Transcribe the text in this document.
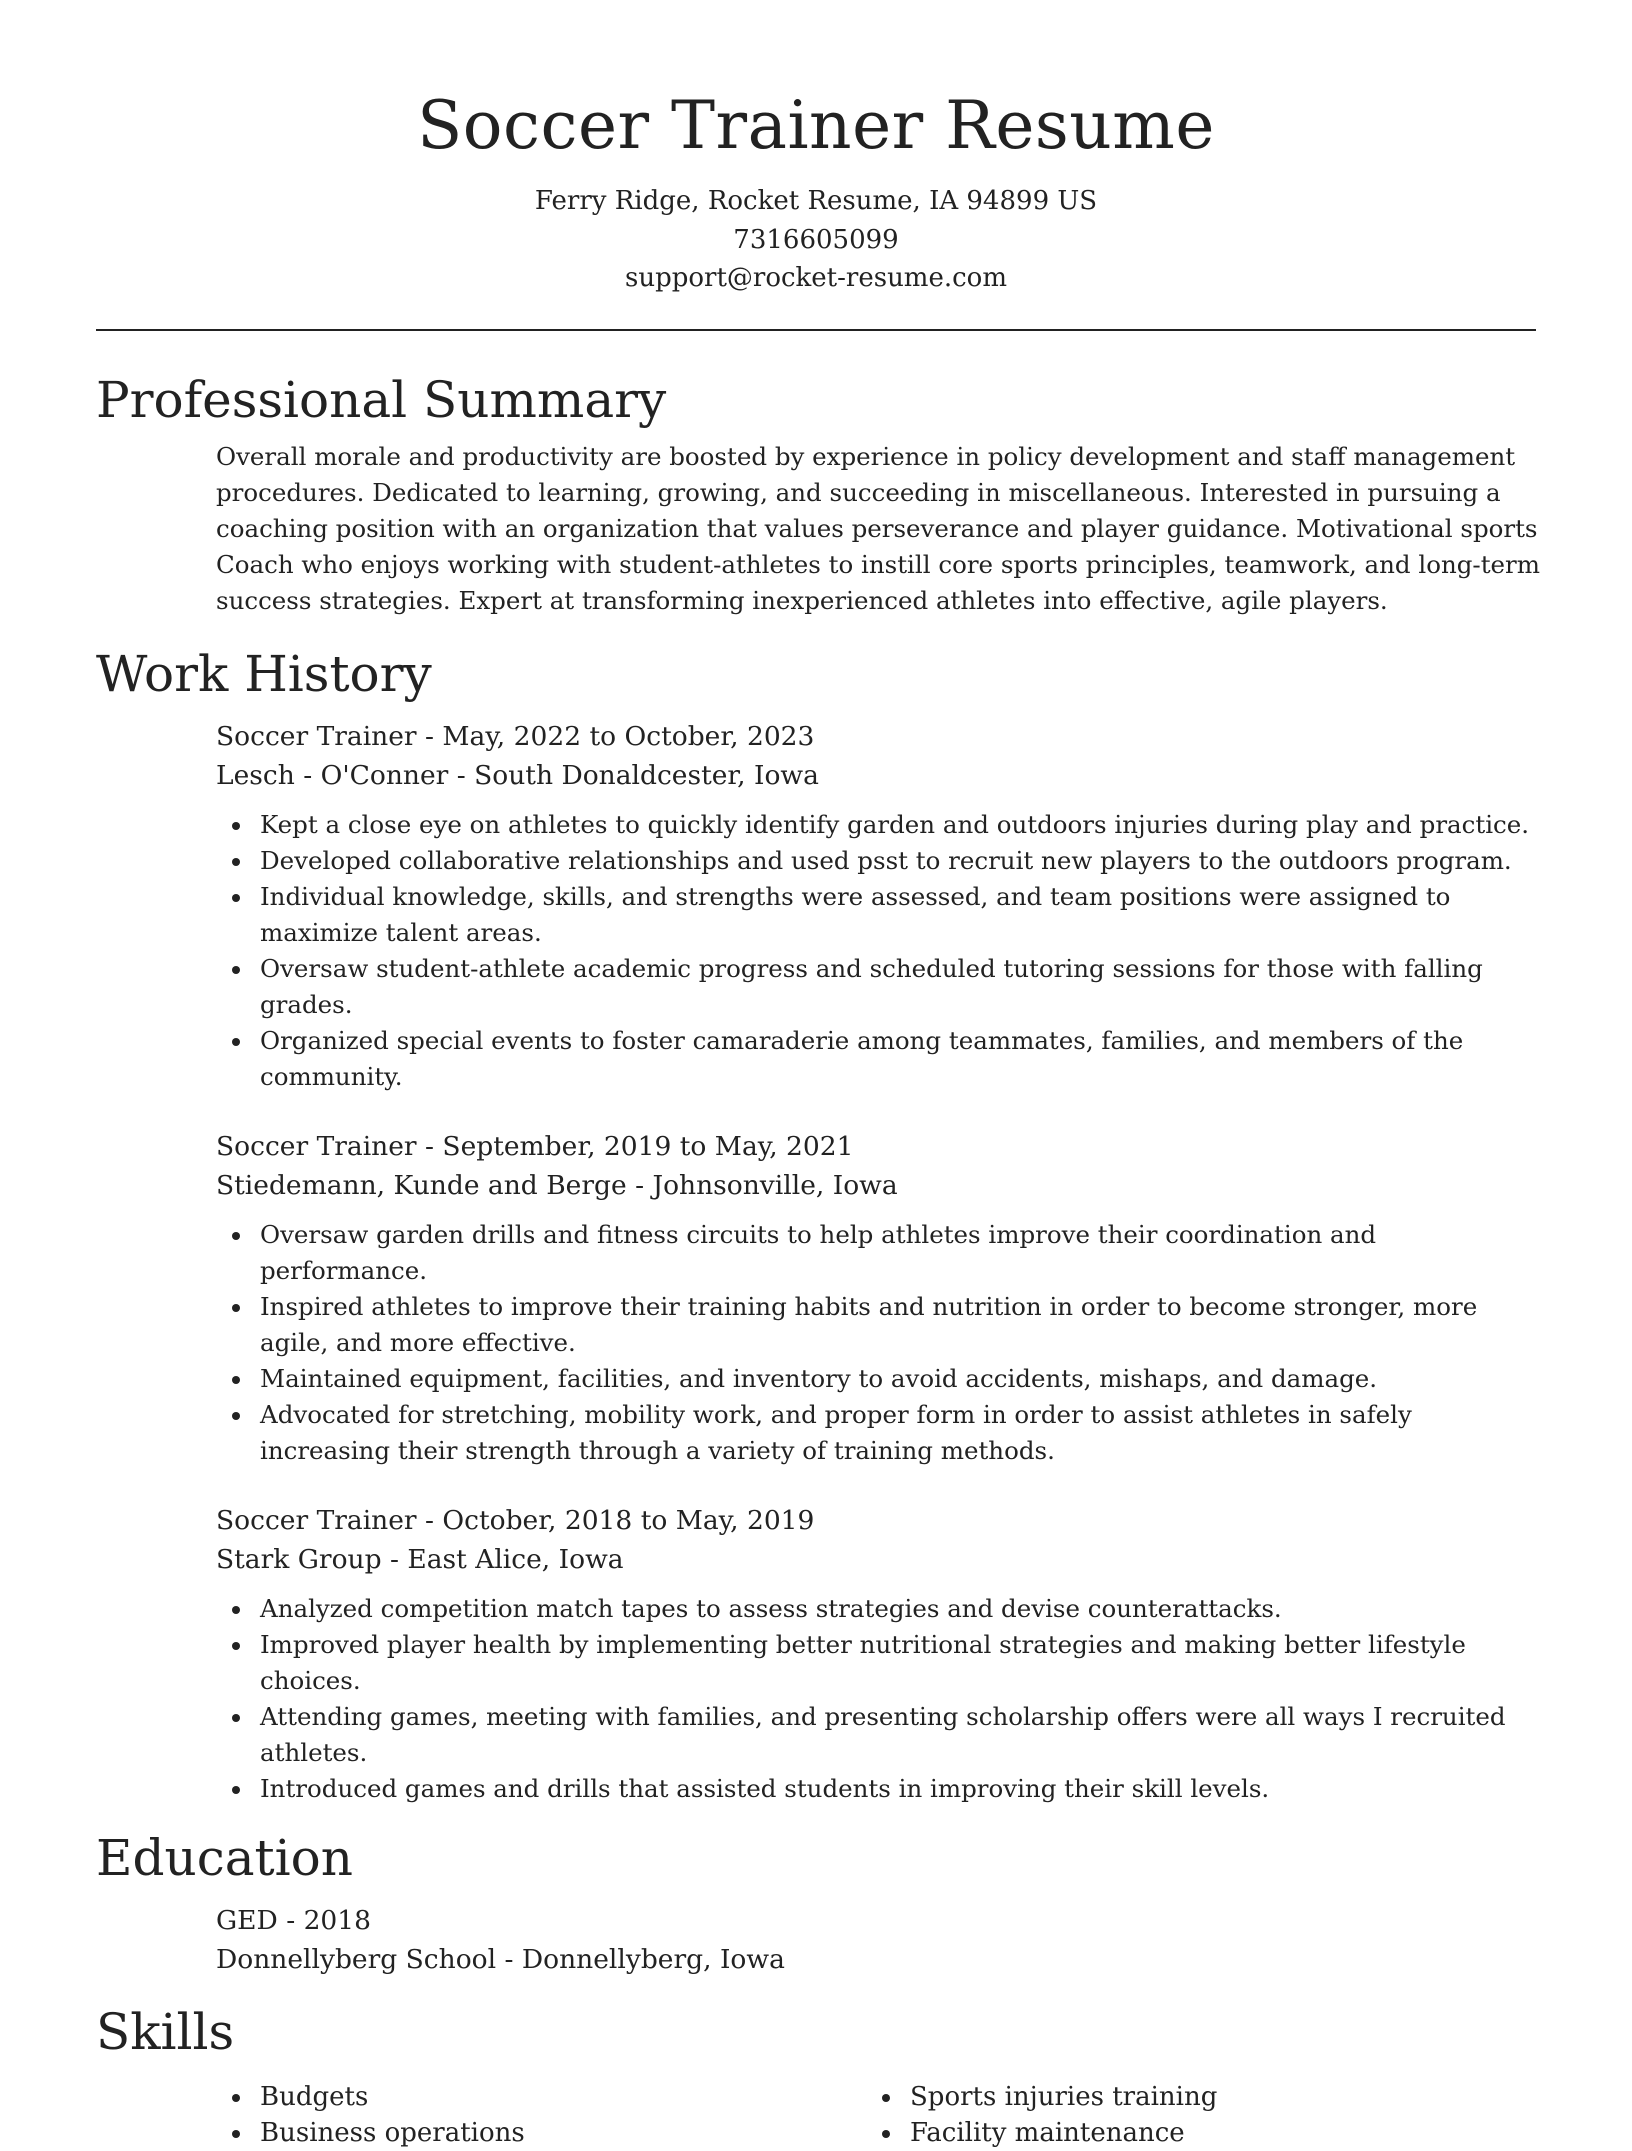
Soccer Trainer Resume
Ferry Ridge, Rocket Resume, IA 94899 US
7316605099
support@rocket-resume.com
Professional Summary

Overall morale and productivity are boosted by experience in policy development and staff management procedures. Dedicated to learning, growing, and succeeding in miscellaneous. Interested in pursuing a coaching position with an organization that values perseverance and player guidance. Motivational sports Coach who enjoys working with student-athletes to instill core sports principles, teamwork, and long-term success strategies. Expert at transforming inexperienced athletes into effective, agile players.

Work History
Soccer Trainer - May, 2022 to October, 2023
Lesch - O'Conner - South Donaldcester, Iowa
Kept a close eye on athletes to quickly identify garden and outdoors injuries during play and practice.
Developed collaborative relationships and used psst to recruit new players to the outdoors program.
Individual knowledge, skills, and strengths were assessed, and team positions were assigned to maximize talent areas.
Oversaw student-athlete academic progress and scheduled tutoring sessions for those with falling grades.
Organized special events to foster camaraderie among teammates, families, and members of the community.
Soccer Trainer - September, 2019 to May, 2021
Stiedemann, Kunde and Berge - Johnsonville, Iowa
Oversaw garden drills and fitness circuits to help athletes improve their coordination and performance.
Inspired athletes to improve their training habits and nutrition in order to become stronger, more agile, and more effective.
Maintained equipment, facilities, and inventory to avoid accidents, mishaps, and damage.
Advocated for stretching, mobility work, and proper form in order to assist athletes in safely increasing their strength through a variety of training methods.
Soccer Trainer - October, 2018 to May, 2019
Stark Group - East Alice, Iowa
Analyzed competition match tapes to assess strategies and devise counterattacks.
Improved player health by implementing better nutritional strategies and making better lifestyle choices.
Attending games, meeting with families, and presenting scholarship offers were all ways I recruited athletes.
Introduced games and drills that assisted students in improving their skill levels.
Education
GED - 2018
Donnellyberg School - Donnellyberg, Iowa
Skills
Budgets
Business operations
Sports injuries training
Facility maintenance
